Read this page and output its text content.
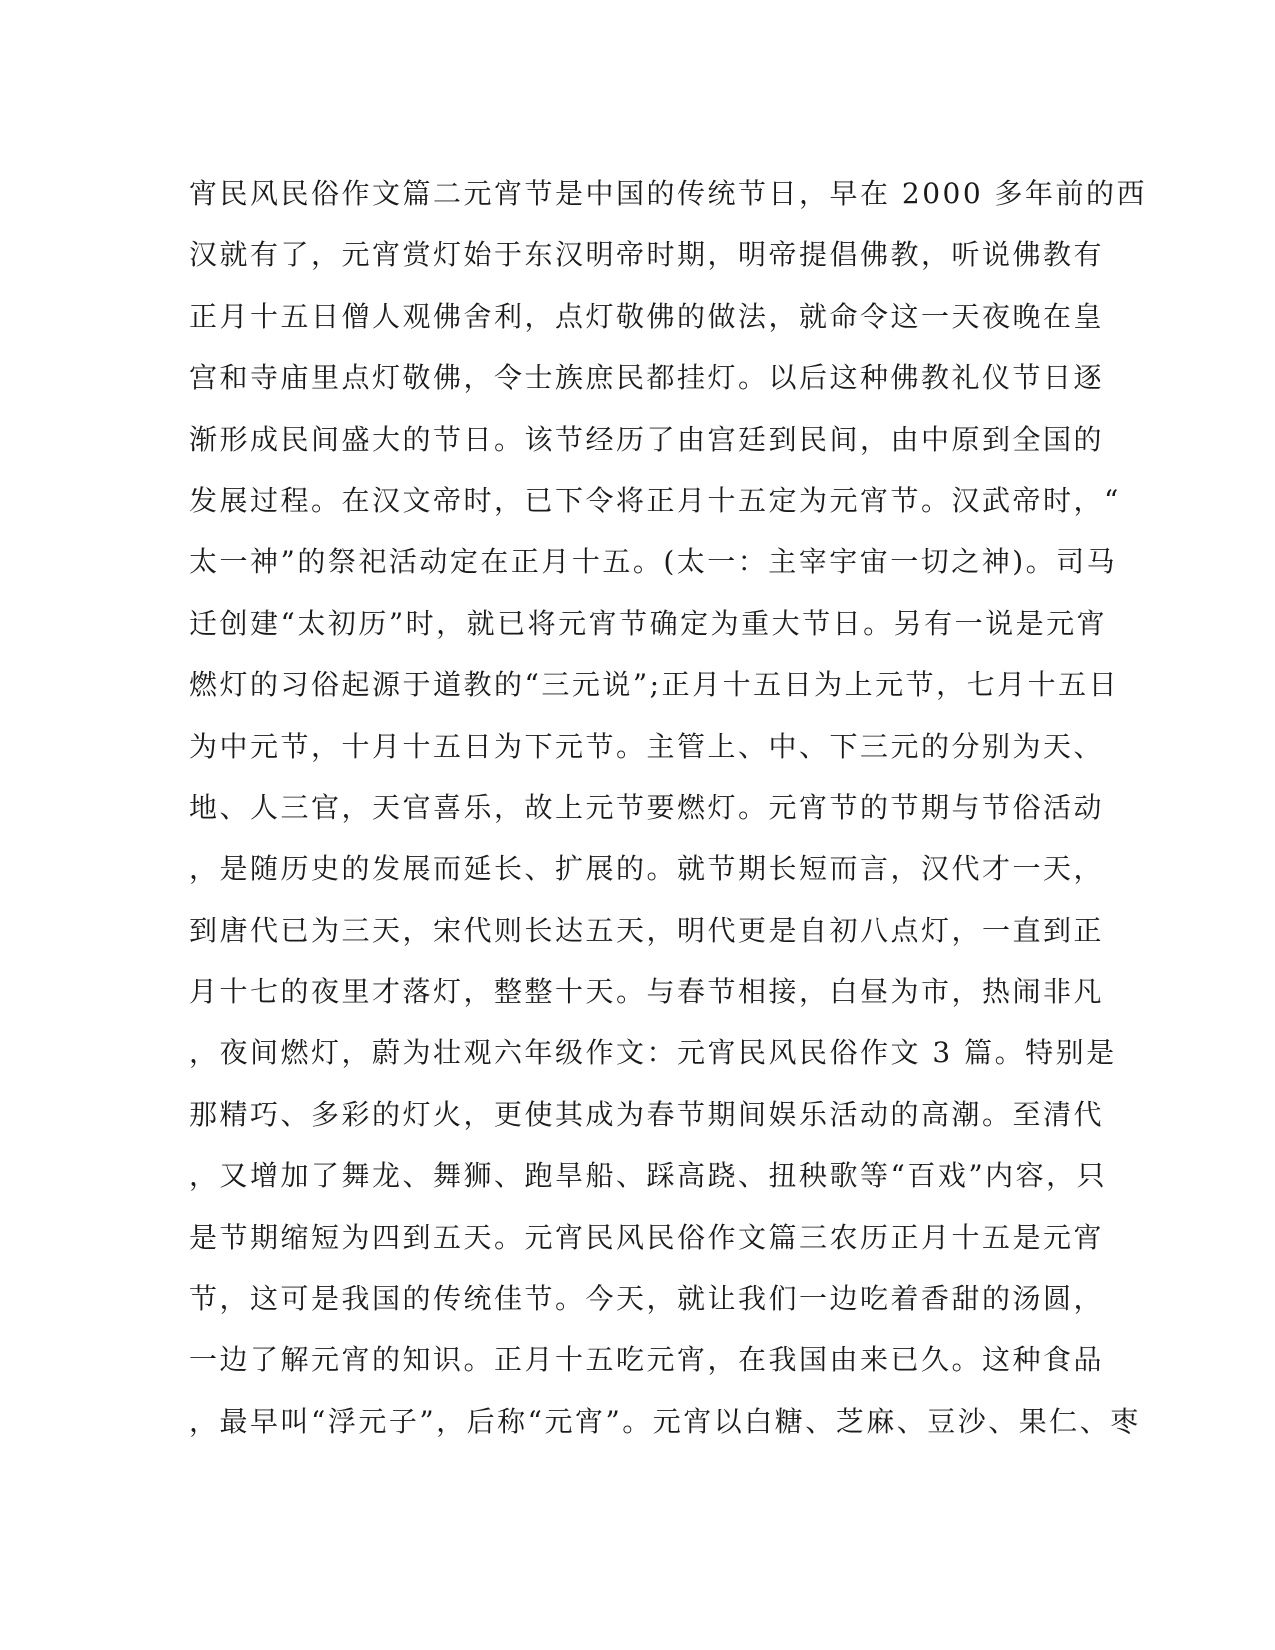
宵民风民俗作文篇二元宵节是中国的传统节日，早在 2000 多年前的西
汉就有了，元宵赏灯始于东汉明帝时期，明帝提倡佛教，听说佛教有
正月十五日僧人观佛舍利，点灯敬佛的做法，就命令这一天夜晚在皇
宫和寺庙里点灯敬佛，令士族庶民都挂灯。以后这种佛教礼仪节日逐
渐形成民间盛大的节日。该节经历了由宫廷到民间，由中原到全国的
发展过程。在汉文帝时，已下令将正月十五定为元宵节。汉武帝时，“
太一神”的祭祀活动定在正月十五。(太一：主宰宇宙一切之神)。司马
迁创建“太初历”时，就已将元宵节确定为重大节日。另有一说是元宵
燃灯的习俗起源于道教的“三元说”;正月十五日为上元节，七月十五日
为中元节，十月十五日为下元节。主管上、中、下三元的分别为天、
地、人三官，天官喜乐，故上元节要燃灯。元宵节的节期与节俗活动
，是随历史的发展而延长、扩展的。就节期长短而言，汉代才一天，
到唐代已为三天，宋代则长达五天，明代更是自初八点灯，一直到正
月十七的夜里才落灯，整整十天。与春节相接，白昼为市，热闹非凡
，夜间燃灯，蔚为壮观六年级作文：元宵民风民俗作文 3 篇。特别是
那精巧、多彩的灯火，更使其成为春节期间娱乐活动的高潮。至清代
，又增加了舞龙、舞狮、跑旱船、踩高跷、扭秧歌等“百戏”内容，只
是节期缩短为四到五天。元宵民风民俗作文篇三农历正月十五是元宵
节，这可是我国的传统佳节。今天，就让我们一边吃着香甜的汤圆，
一边了解元宵的知识。正月十五吃元宵，在我国由来已久。这种食品
，最早叫“浮元子”，后称“元宵”。元宵以白糖、芝麻、豆沙、果仁、枣
